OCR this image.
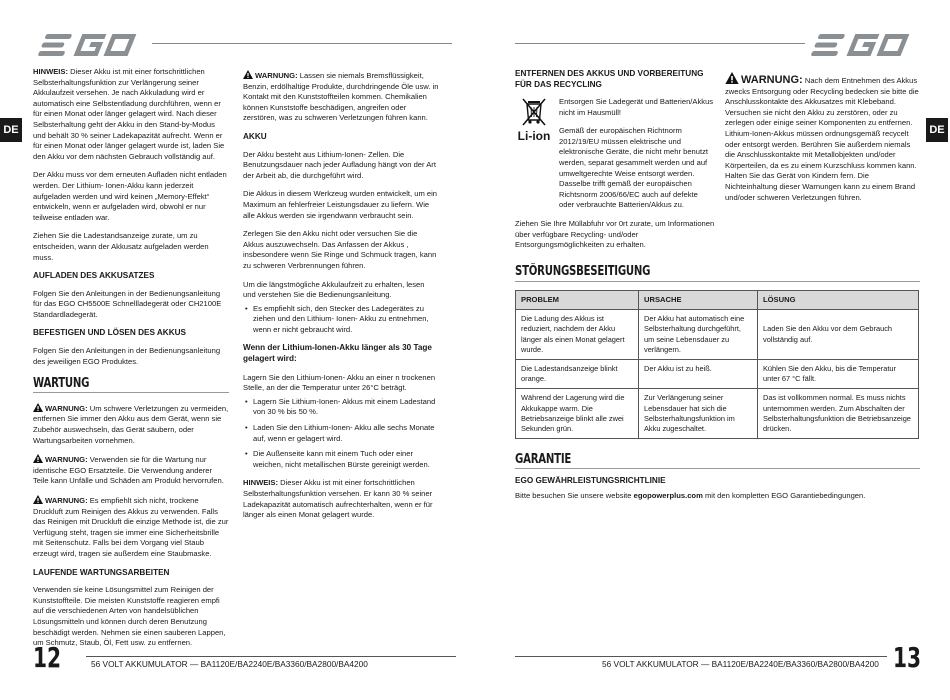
DE

HINWEIS: Dieser Akku ist mit einer fortschrittlichen Selbsterhaltungsfunktion zur Verlängerung seiner Akkulaufzeit versehen. Je nach Akkuladung wird er automatisch eine Selbstentladung durchführen, wenn er für einen Monat oder länger gelagert wird. Nach dieser Selbsterhaltung geht der Akku in den Stand-by-Modus und behält 30 % seiner Ladekapazität aufrecht. Wenn er für einen Monat oder länger gelagert wurde ist, laden Sie den Akku vor dem nächsten Gebrauch vollständig auf.

Der Akku muss vor dem erneuten Aufladen nicht entladen werden. Der Lithium- Ionen-Akku kann jederzeit aufgeladen werden und wird keinen „Memory-Effekt“ entwickeln, wenn er aufgeladen wird, obwohl er nur teilweise entladen war.

Ziehen Sie die Ladestandsanzeige zurate, um zu entscheiden, wann der Akkusatz aufgeladen werden muss.

AUFLADEN DES AKKUSATZES

Folgen Sie den Anleitungen in der Bedienungsanleitung für das EGO CH5500E Schnellladegerät oder CH2100E Standardladegerät.

BEFESTIGEN UND LÖSEN DES AKKUS

Folgen Sie den Anleitungen in der Bedienungsanleitung des jeweiligen EGO Produktes.

WARTUNG

WARNUNG: Um schwere Verletzungen zu vermeiden, entfernen Sie immer den Akku aus dem Gerät, wenn sie Zubehör auswechseln, das Gerät säubern, oder Wartungsarbeiten vornehmen.

WARNUNG: Verwenden sie für die Wartung nur identische EGO Ersatzteile. Die Verwendung anderer Teile kann Unfälle und Schäden am Produkt hervorrufen.

WARNUNG: Es empfiehlt sich nicht, trockene Druckluft zum Reinigen des Akkus zu verwenden. Falls das Reinigen mit Druckluft die einzige Methode ist, die zur Verfügung steht, tragen sie immer eine Sicherheitsbrille mit Seitenschutz. Falls bei dem Vorgang viel Staub erzeugt wird, tragen sie außerdem eine Staubmaske.

LAUFENDE WARTUNGSARBEITEN

Verwenden sie keine Lösungsmittel zum Reinigen der Kunststoffteile. Die meisten Kunststoffe reagieren empfi auf die verschiedenen Arten von handelsüblichen Lösungsmitteln und können durch deren Benutzung beschädigt werden. Nehmen sie einen sauberen Lappen, um Schmutz, Staub, Öl, Fett usw. zu entfernen.

WARNUNG: Lassen sie niemals Bremsflüssigkeit, Benzin, erdölhaltige Produkte, durchdringende Öle usw. in Kontakt mit den Kunststoffteilen kommen. Chemikalien können Kunststoffe beschädigen, angreifen oder zerstören, was zu schweren Verletzungen führen kann.

AKKU

Der Akku besteht aus Lithium-Ionen- Zellen. Die Benutzungsdauer nach jeder Aufladung hängt von der Art der Arbeit ab, die durchgeführt wird.

Die Akkus in diesem Werkzeug wurden entwickelt, um ein Maximum an fehlerfreier Leistungsdauer zu liefern. Wie alle Akkus werden sie irgendwann verbraucht sein.

Zerlegen Sie den Akku nicht oder versuchen Sie die Akkus auszuwechseln. Das Anfassen der Akkus , insbesondere wenn Sie Ringe und Schmuck tragen, kann zu schweren Verbrennungen führen.

Um die längstmögliche Akkulaufzeit zu erhalten, lesen und verstehen Sie die Bedienungsanleitung.

• Es empfiehlt sich, den Stecker des Ladegerätes zu ziehen und den Lithium- Ionen- Akku zu entnehmen, wenn er nicht gebraucht wird.

Wenn der Lithium-Ionen-Akku länger als 30 Tage gelagert wird:

Lagern Sie den Lithium-Ionen- Akku an einer n trockenen Stelle, an der die Temperatur unter 26°C beträgt.

• Lagern Sie Lithium-Ionen- Akkus mit einem Ladestand von 30 % bis 50 %.
• Laden Sie den Lithium-Ionen- Akku alle sechs Monate auf, wenn er gelagert wird.
• Die Außenseite kann mit einem Tuch oder einer weichen, nicht metallischen Bürste gereinigt werden.

HINWEIS: Dieser Akku ist mit einer fortschrittlichen Selbsterhaltungsfunktion versehen. Er kann 30 % seiner Ladekapazität automatisch aufrechterhalten, wenn er für länger als einen Monat gelagert wurde.

12	56 VOLT AKKUMULATOR — BA1120E/BA2240E/BA3360/BA2800/BA4200
DE
ENTFERNEN DES AKKUS UND VORBEREITUNG FÜR DAS RECYCLING
Li-ion

Entsorgen Sie Ladegerät und Batterien/Akkus nicht im Hausmüll!

Gemäß der europäischen Richtnorm 2012/19/EU müssen elektrische und elektronische Geräte, die nicht mehr benutzt werden, separat gesammelt werden und auf umweltgerechte Weise entsorgt werden. Dasselbe trifft gemäß der europäischen Richtsnorm 2006/66/EC auch auf defekte oder verbrauchte Batterien/Akkus zu.

Ziehen Sie Ihre Müllabfuhr vor 0rt zurate, um Informationen über verfügbare Recycling- und/oder Entsorgungsmöglichkeiten zu erhalten.

WARNUNG: Nach dem Entnehmen des Akkus zwecks Entsorgung oder Recycling bedecken sie bitte die Anschlusskontakte des Akkusatzes mit Klebeband. Versuchen sie nicht den Akku zu zerstören, oder zu zerlegen oder einige seiner Komponenten zu entfernen. Lithium-Ionen-Akkus müssen ordnungsgemäß recycelt oder entsorgt werden. Berühren Sie außerdem niemals die Anschlusskontakte mit Metallobjekten und/oder Körperteilen, da es zu einem Kurzschluss kommen kann. Halten Sie das Gerät von Kindern fern. Die Nichteinhaltung dieser Warnungen kann zu einem Brand und/oder schweren Verletzungen führen.

STÖRUNGSBESEITIGUNG
PROBLEM	URSACHE	LÖSUNG
Die Ladung des Akkus ist reduziert, nachdem der Akku länger als einen Monat gelagert wurde.	Der Akku hat automatisch eine Selbsterhaltung durchgeführt, um seine Lebensdauer zu verlängern.	Laden Sie den Akku vor dem Gebrauch vollständig auf.
Die Ladestandsanzeige blinkt orange.	Der Akku ist zu heiß.	Kühlen Sie den Akku, bis die Temperatur unter 67 °C fällt.
Während der Lagerung wird die Akkukappe warm. Die Betriebsanzeige blinkt alle zwei Sekunden grün.	Zur Verlängerung seiner Lebensdauer hat sich die Selbsterhaltungsfunktion im Akku zugeschaltet.	Das ist vollkommen normal. Es muss nichts unternommen werden. Zum Abschalten der Selbsterhaltungsfunktion die Betriebsanzeige drücken.
GARANTIE
EGO GEWÄHRLEISTUNGSRICHTLINIE

Bitte besuchen Sie unsere website egopowerplus.com mit den kompletten EGO Garantiebedingungen.

56 VOLT AKKUMULATOR — BA1120E/BA2240E/BA3360/BA2800/BA4200 13
